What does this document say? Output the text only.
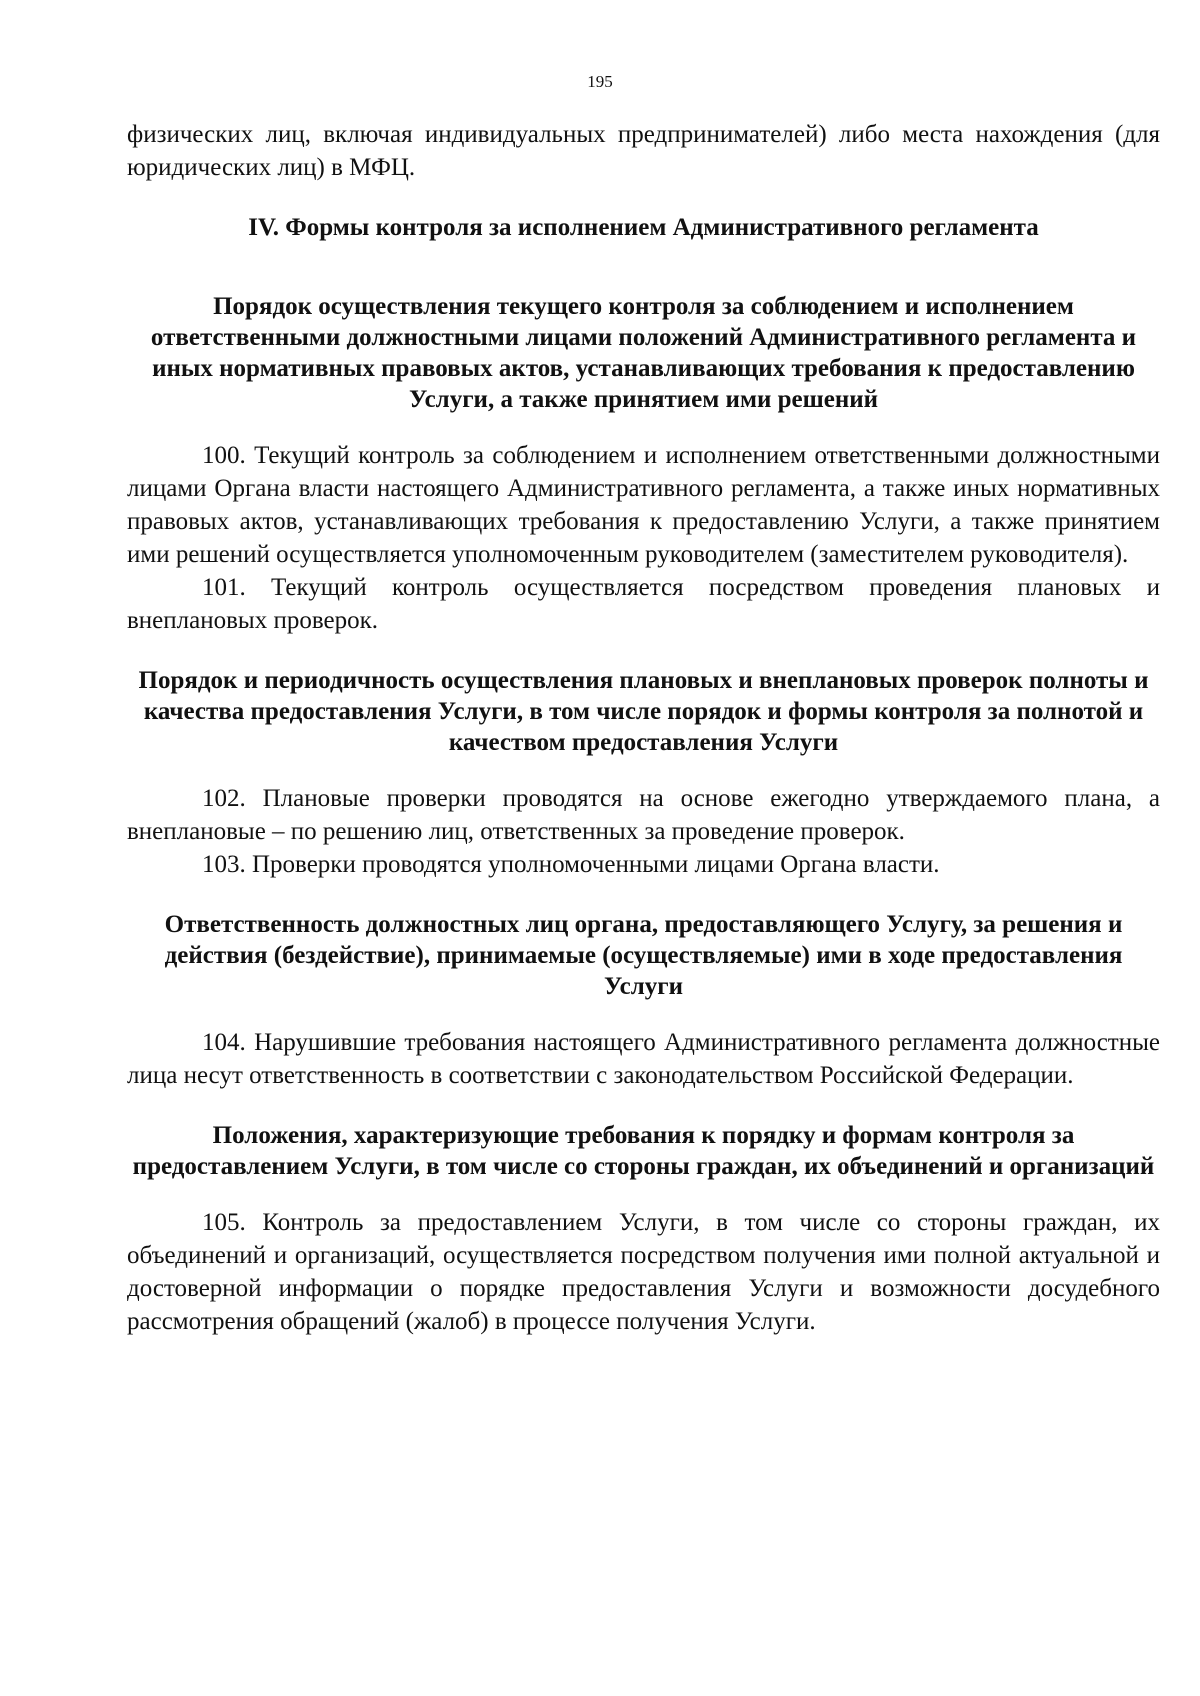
195

физических лиц, включая индивидуальных предпринимателей) либо места нахождения (для юридических лиц) в МФЦ.

IV. Формы контроля за исполнением Административного регламента

Порядок осуществления текущего контроля за соблюдением и исполнением ответственными должностными лицами положений Административного регламента и иных нормативных правовых актов, устанавливающих требования к предоставлению Услуги, а также принятием ими решений

100. Текущий контроль за соблюдением и исполнением ответственными должностными лицами Органа власти настоящего Административного регламента, а также иных нормативных правовых актов, устанавливающих требования к предоставлению Услуги, а также принятием ими решений осуществляется уполномоченным руководителем (заместителем руководителя).

101. Текущий контроль осуществляется посредством проведения плановых и внеплановых проверок.

Порядок и периодичность осуществления плановых и внеплановых проверок полноты и качества предоставления Услуги, в том числе порядок и формы контроля за полнотой и качеством предоставления Услуги

102. Плановые проверки проводятся на основе ежегодно утверждаемого плана, а внеплановые – по решению лиц, ответственных за проведение проверок.

103. Проверки проводятся уполномоченными лицами Органа власти.

Ответственность должностных лиц органа, предоставляющего Услугу, за решения и действия (бездействие), принимаемые (осуществляемые) ими в ходе предоставления Услуги

104. Нарушившие требования настоящего Административного регламента должностные лица несут ответственность в соответствии с законодательством Российской Федерации.

Положения, характеризующие требования к порядку и формам контроля за предоставлением Услуги, в том числе со стороны граждан, их объединений и организаций

105. Контроль за предоставлением Услуги, в том числе со стороны граждан, их объединений и организаций, осуществляется посредством получения ими полной актуальной и достоверной информации о порядке предоставления Услуги и возможности досудебного рассмотрения обращений (жалоб) в процессе получения Услуги.
